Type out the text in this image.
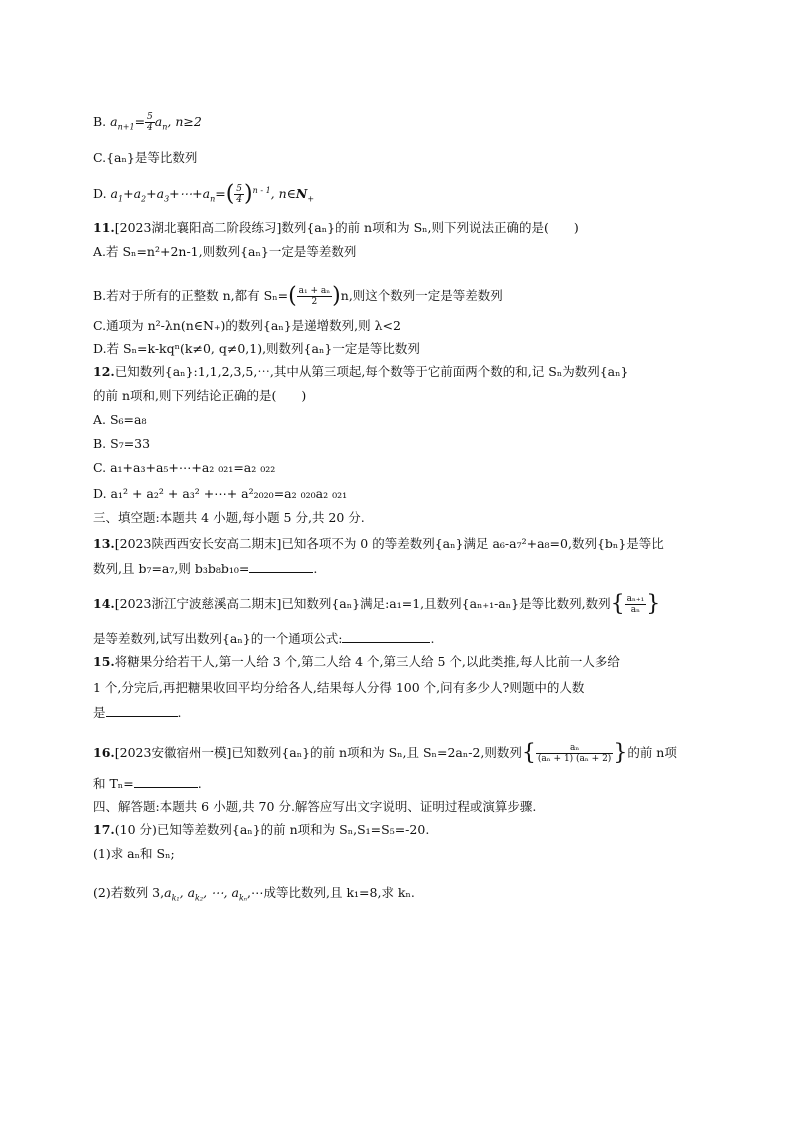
B. $a_{n+1}= \frac{5}{4} a_n$, n≥2
C.{aₙ}是等比数列
D. $a_1+a_2+a_3+\cdots+a_n=( \frac{5}{4} )^{n - 1}$, $n\in N_+$
11.[2023湖北襄阳高二阶段练习]数列{aₙ}的前 n项和为 Sₙ,则下列说法正确的是(　　)
A.若 Sₙ=n²+2n-1,则数列{aₙ}一定是等差数列
B.若对于所有的正整数 n,都有 $S_n=( \frac{\text{a₁ + aₙ}}{2} )n$,则这个数列一定是等差数列
C.通项为 n²-λn(n∈N₊)的数列{aₙ}是递增数列,则 λ<2
D.若 Sₙ=k-kqⁿ(k≠0, q≠0,1),则数列{aₙ}一定是等比数列
12.已知数列{aₙ}:1,1,2,3,5,⋯,其中从第三项起,每个数等于它前面两个数的和,记 Sₙ为数列{aₙ}
的前 n项和,则下列结论正确的是(　　)
A. S₆=a₈
B. S₇=33
C. a₁+a₃+a₅+⋯+a₂ ₀₂₁=a₂ ₀₂₂
D. a₁² + a₂² + a₃² +⋯+ a²₂₀₂₀=a₂ ₀₂₀a₂ ₀₂₁
三、填空题:本题共 4 小题,每小题 5 分,共 20 分.
13.[2023陕西西安长安高二期末]已知各项不为 0 的等差数列{aₙ}满足 a₆-a₇²+a₈=0,数列{bₙ}是等比
数列,且 b₇=a₇,则 b₃b₈b₁₀=	.
14.[2023浙江宁波慈溪高二期末]已知数列{aₙ}满足:a₁=1,且数列{aₙ₊₁-aₙ}是等比数列,数列{ $\frac{\text{aₙ₊₁}}{\text{aₙ}}$ }
是等差数列,试写出数列{aₙ}的一个通项公式:	.
15.将糖果分给若干人,第一人给 3 个,第二人给 4 个,第三人给 5 个,以此类推,每人比前一人多给
1 个,分完后,再把糖果收回平均分给各人,结果每人分得 100 个,问有多少人?则题中的人数
是	.
16.[2023安徽宿州一模]已知数列{aₙ}的前 n项和为 Sₙ,且 Sₙ=2aₙ-2,则数列{ $\frac{\text{aₙ}}{\text{(aₙ + 1) (aₙ + 2)}}$ }的前 n项
和 Tₙ=	.
四、解答题:本题共 6 小题,共 70 分.解答应写出文字说明、证明过程或演算步骤.
17.(10 分)已知等差数列{aₙ}的前 n项和为 Sₙ,S₁=S₅=-20.
(1)求 aₙ和 Sₙ;
(2)若数列 $3,a_{k_1}$, $a_{k_2}$, ⋯, $a_{k_n},\cdots$成等比数列,且 k₁=8,求 kₙ.
